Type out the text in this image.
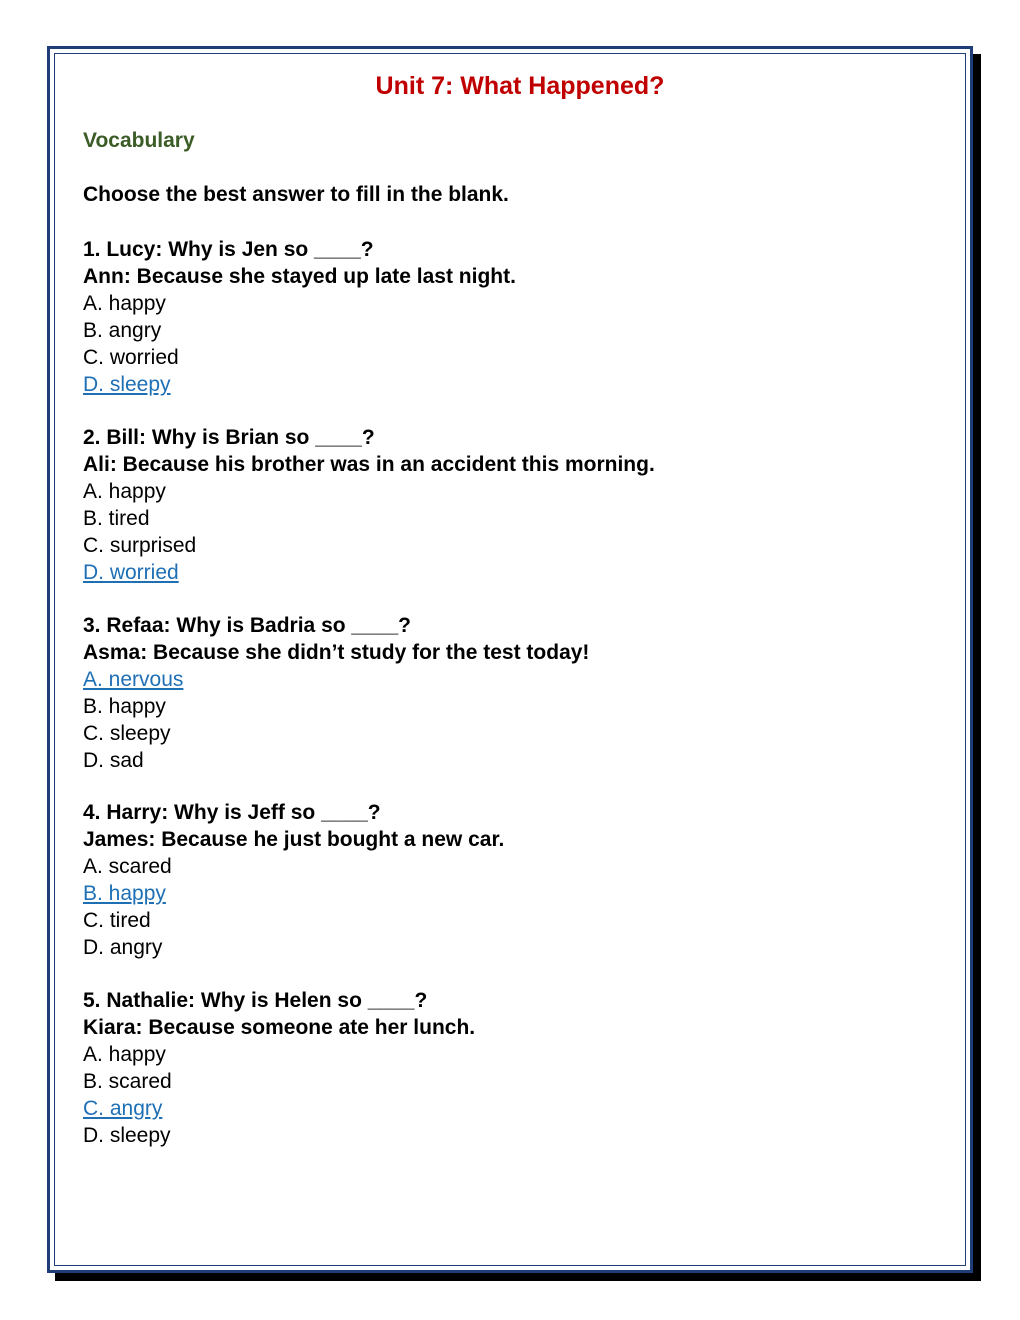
Unit 7: What Happened?
Vocabulary
Choose the best answer to fill in the blank.
1. Lucy: Why is Jen so ____?
Ann: Because she stayed up late last night.
A. happy
B. angry
C. worried
D. sleepy
2. Bill: Why is Brian so ____?
Ali: Because his brother was in an accident this morning.
A. happy
B. tired
C. surprised
D. worried
3. Refaa: Why is Badria so ____?
Asma: Because she didn’t study for the test today!
A. nervous
B. happy
C. sleepy
D. sad
4. Harry: Why is Jeff so ____?
James: Because he just bought a new car.
A. scared
B. happy
C. tired
D. angry
5. Nathalie: Why is Helen so ____?
Kiara: Because someone ate her lunch.
A. happy
B. scared
C. angry
D. sleepy
